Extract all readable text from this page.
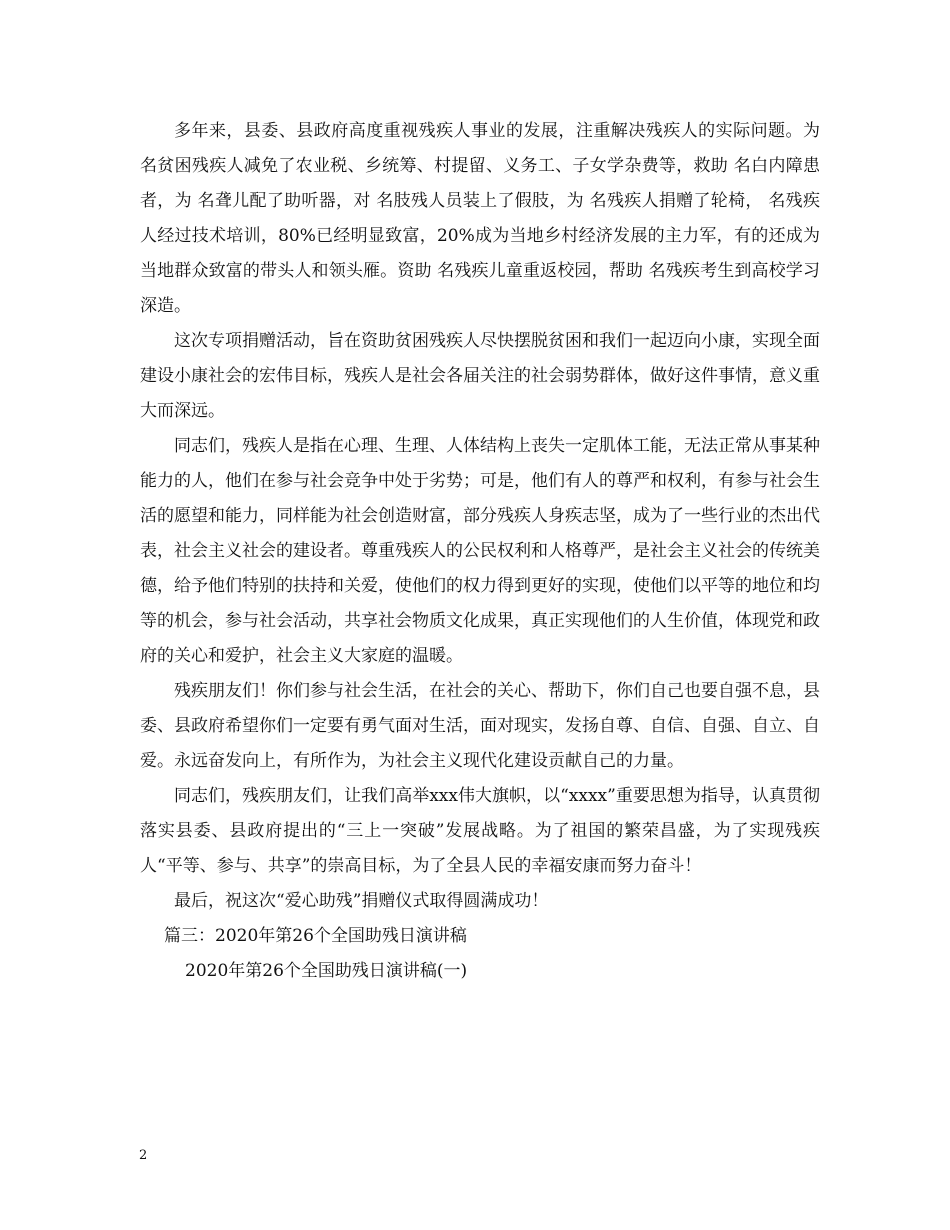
多年来，县委、县政府高度重视残疾人事业的发展，注重解决残疾人的实际问题。为 名贫困残疾人减免了农业税、乡统筹、村提留、义务工、子女学杂费等，救助 名白内障患者，为 名聋儿配了助听器，对 名肢残人员装上了假肢，为 名残疾人捐赠了轮椅， 名残疾人经过技术培训，80%已经明显致富，20%成为当地乡村经济发展的主力军，有的还成为当地群众致富的带头人和领头雁。资助 名残疾儿童重返校园，帮助 名残疾考生到高校学习深造。

这次专项捐赠活动，旨在资助贫困残疾人尽快摆脱贫困和我们一起迈向小康，实现全面建设小康社会的宏伟目标，残疾人是社会各届关注的社会弱势群体，做好这件事情，意义重大而深远。

同志们，残疾人是指在心理、生理、人体结构上丧失一定肌体工能，无法正常从事某种能力的人，他们在参与社会竞争中处于劣势；可是，他们有人的尊严和权利，有参与社会生活的愿望和能力，同样能为社会创造财富，部分残疾人身疾志坚，成为了一些行业的杰出代表，社会主义社会的建设者。尊重残疾人的公民权利和人格尊严，是社会主义社会的传统美德，给予他们特别的扶持和关爱，使他们的权力得到更好的实现，使他们以平等的地位和均等的机会，参与社会活动，共享社会物质文化成果，真正实现他们的人生价值，体现党和政府的关心和爱护，社会主义大家庭的温暖。

残疾朋友们！你们参与社会生活，在社会的关心、帮助下，你们自己也要自强不息，县委、县政府希望你们一定要有勇气面对生活，面对现实，发扬自尊、自信、自强、自立、自爱。永远奋发向上，有所作为，为社会主义现代化建设贡献自己的力量。

同志们，残疾朋友们，让我们高举xxx伟大旗帜，以“xxxx”重要思想为指导，认真贯彻落实县委、县政府提出的“三上一突破”发展战略。为了祖国的繁荣昌盛，为了实现残疾人“平等、参与、共享”的崇高目标，为了全县人民的幸福安康而努力奋斗！

最后，祝这次“爱心助残”捐赠仪式取得圆满成功！

篇三：2020年第26个全国助残日演讲稿

2020年第26个全国助残日演讲稿(一)

2
